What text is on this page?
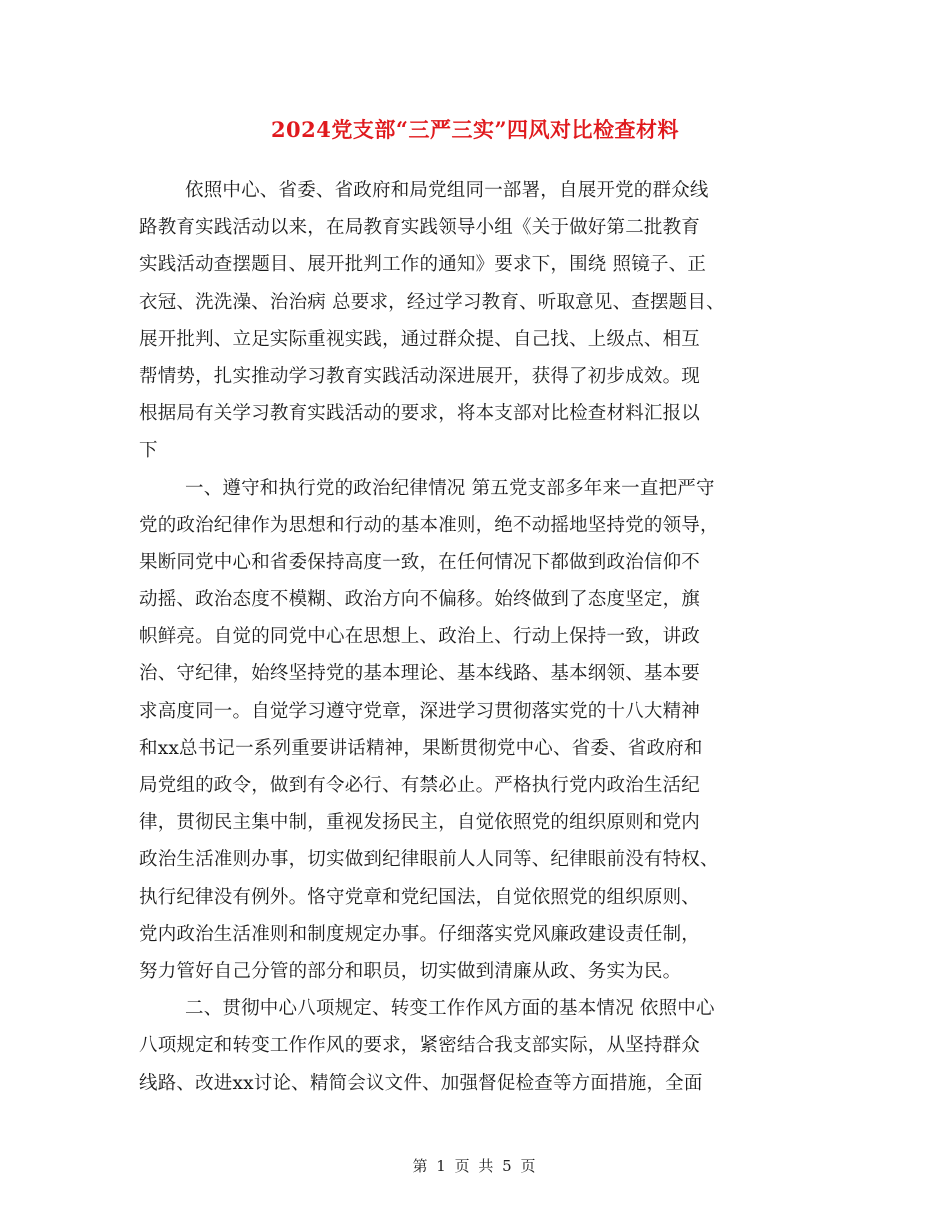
2024党支部“三严三实”四风对比检查材料
依照中心、省委、省政府和局党组同一部署，自展开党的群众线
路教育实践活动以来，在局教育实践领导小组《关于做好第二批教育
实践活动查摆题目、展开批判工作的通知》要求下，围绕 照镜子、正
衣冠、洗洗澡、治治病 总要求，经过学习教育、听取意见、查摆题目、
展开批判、立足实际重视实践，通过群众提、自己找、上级点、相互
帮情势，扎实推动学习教育实践活动深进展开，获得了初步成效。现
根据局有关学习教育实践活动的要求，将本支部对比检查材料汇报以
下
一、遵守和执行党的政治纪律情况 第五党支部多年来一直把严守
党的政治纪律作为思想和行动的基本准则，绝不动摇地坚持党的领导，
果断同党中心和省委保持高度一致，在任何情况下都做到政治信仰不
动摇、政治态度不模糊、政治方向不偏移。始终做到了态度坚定，旗
帜鲜亮。自觉的同党中心在思想上、政治上、行动上保持一致，讲政
治、守纪律，始终坚持党的基本理论、基本线路、基本纲领、基本要
求高度同一。自觉学习遵守党章，深进学习贯彻落实党的十八大精神
和xx总书记一系列重要讲话精神，果断贯彻党中心、省委、省政府和
局党组的政令，做到有令必行、有禁必止。严格执行党内政治生活纪
律，贯彻民主集中制，重视发扬民主，自觉依照党的组织原则和党内
政治生活准则办事，切实做到纪律眼前人人同等、纪律眼前没有特权、
执行纪律没有例外。恪守党章和党纪国法，自觉依照党的组织原则、
党内政治生活准则和制度规定办事。仔细落实党风廉政建设责任制，
努力管好自己分管的部分和职员，切实做到清廉从政、务实为民。
二、贯彻中心八项规定、转变工作作风方面的基本情况 依照中心
八项规定和转变工作作风的要求，紧密结合我支部实际，从坚持群众
线路、改进xx讨论、精简会议文件、加强督促检查等方面措施，全面
第 1 页 共 5 页
